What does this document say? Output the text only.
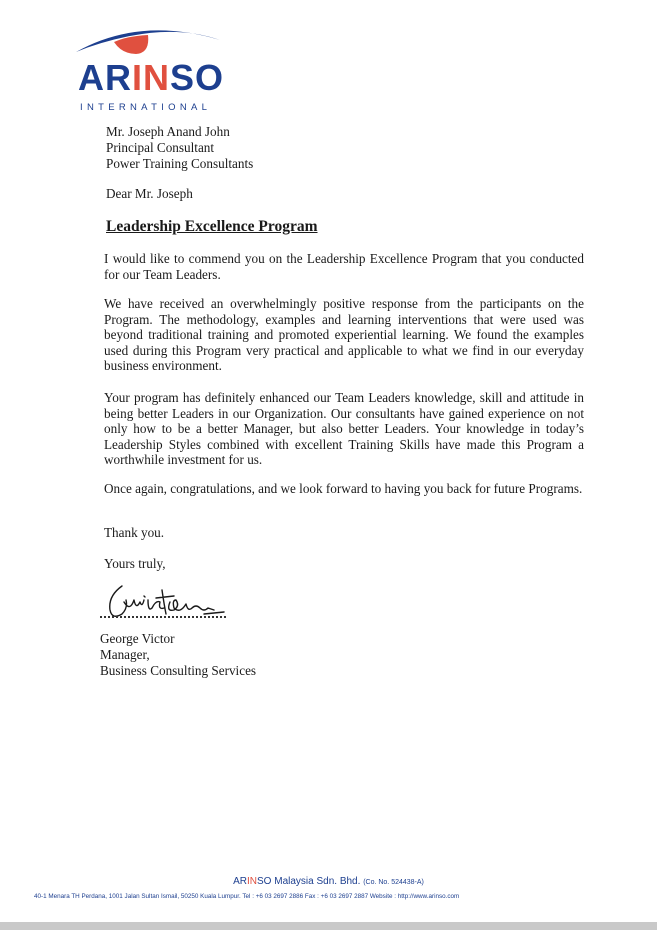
ARINSO
INTERNATIONAL
Mr. Joseph Anand John
Principal Consultant
Power Training Consultants
Dear Mr. Joseph
Leadership Excellence Program

I would like to commend you on the Leadership Excellence Program that you conducted for our Team Leaders.

We have received an overwhelmingly positive response from the participants on the Program. The methodology, examples and learning interventions that were used was beyond traditional training and promoted experiential learning. We found the examples used during this Program very practical and applicable to what we find in our everyday business environment.

Your program has definitely enhanced our Team Leaders knowledge, skill and attitude in being better Leaders in our Organization. Our consultants have gained experience on not only how to be a better Manager, but also better Leaders. Your knowledge in today’s Leadership Styles combined with excellent Training Skills have made this Program a worthwhile investment for us.

Once again, congratulations, and we look forward to having you back for future Programs.

Thank you.
Yours truly,
George Victor
Manager,
Business Consulting Services
ARINSO Malaysia Sdn. Bhd. (Co. No. 524438-A)
40-1 Menara TH Perdana, 1001 Jalan Sultan Ismail, 50250 Kuala Lumpur. Tel : +6 03 2697 2886 Fax : +6 03 2697 2887 Website : http://www.arinso.com
